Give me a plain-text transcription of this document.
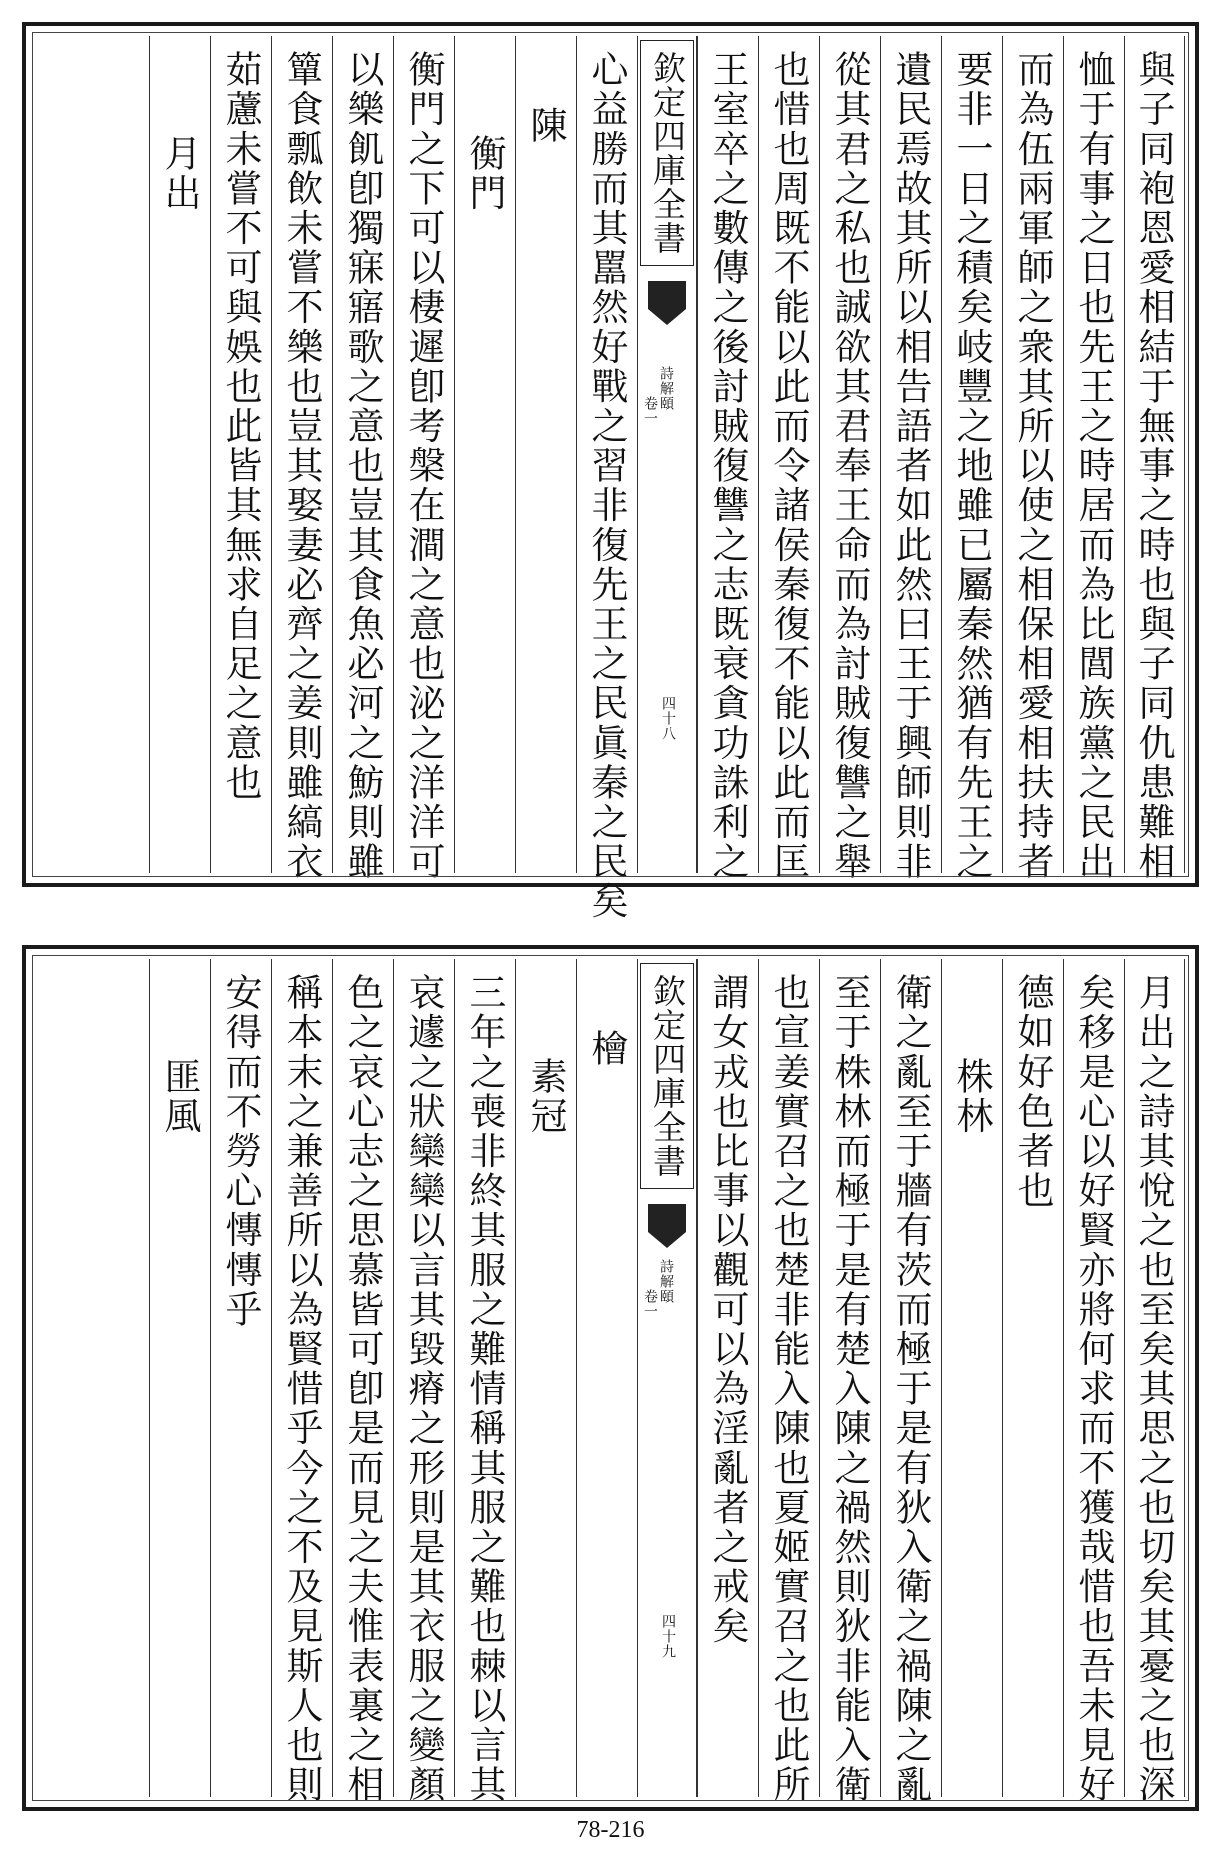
與子同袍恩愛相結于無事之時也與子同仇患難相
恤于有事之日也先王之時居而為比閭族黨之民出
而為伍兩軍師之衆其所以使之相保相愛相扶持者
要非一日之積矣岐豐之地雖已屬秦然猶有先王之
遺民焉故其所以相告語者如此然曰王于興師則非
從其君之私也誠欲其君奉王命而為討賊復讐之舉
也惜也周既不能以此而令諸侯秦復不能以此而匡
王室卒之數傳之後討賊復讐之志既衰貪功誅利之
欽定四庫全書
詩解頤
卷一
四十八
心益勝而其嚚然好戰之習非復先王之民眞秦之民矣
陳
衡門
衡門之下可以棲遲卽考槃在澗之意也泌之洋洋可
以樂飢卽獨寐寤歌之意也豈其食魚必河之魴則雖
簞食瓢飲未嘗不樂也豈其娶妻必齊之姜則雖縞衣
茹藘未嘗不可與娛也此皆其無求自足之意也
月出
月出之詩其悅之也至矣其思之也切矣其憂之也深
矣移是心以好賢亦將何求而不獲哉惜也吾未見好
德如好色者也
株林
衛之亂至于牆有茨而極于是有狄入衛之禍陳之亂
至于株林而極于是有楚入陳之禍然則狄非能入衛
也宣姜實召之也楚非能入陳也夏姬實召之也此所
謂女戎也比事以觀可以為淫亂者之戒矣
欽定四庫全書
詩解頤
卷一
四十九
檜
素冠
三年之喪非終其服之難情稱其服之難也棘以言其
哀遽之狀欒欒以言其毀瘠之形則是其衣服之變顏
色之哀心志之思慕皆可卽是而見之夫惟表裏之相
稱本末之兼善所以為賢惜乎今之不及見斯人也則
安得而不勞心慱慱乎
匪風
78-216
